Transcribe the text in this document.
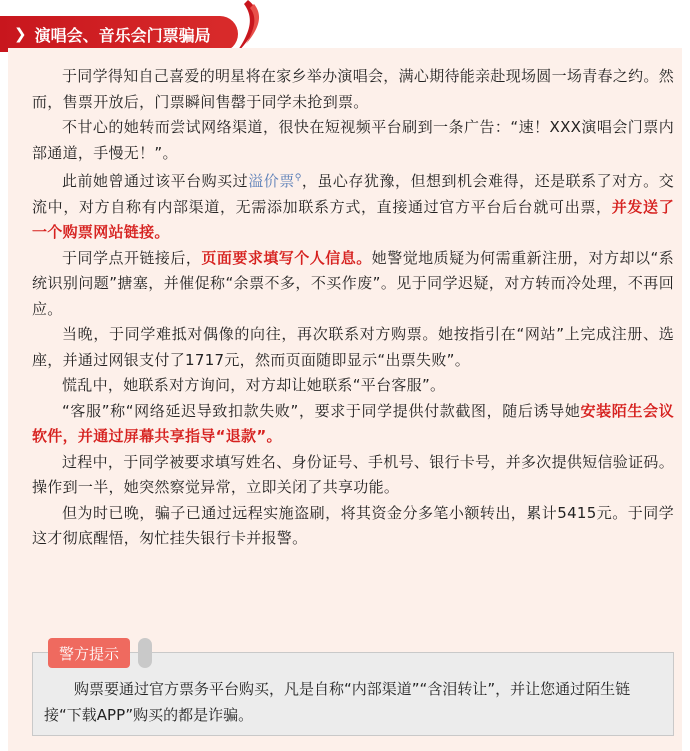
❯ 演唱会、音乐会门票骗局

于同学得知自己喜爱的明星将在家乡举办演唱会，满心期待能亲赴现场圆一场青春之约。然而，售票开放后，门票瞬间售罄于同学未抢到票。

不甘心的她转而尝试网络渠道，很快在短视频平台刷到一条广告：“速！XXX演唱会门票内部通道，手慢无！”。

此前她曾通过该平台购买过溢价票⚲，虽心存犹豫，但想到机会难得，还是联系了对方。交流中，对方自称有内部渠道，无需添加联系方式，直接通过官方平台后台就可出票，并发送了一个购票网站链接。

于同学点开链接后，页面要求填写个人信息。她警觉地质疑为何需重新注册，对方却以“系统识别问题”搪塞，并催促称“余票不多，不买作废”。见于同学迟疑，对方转而冷处理，不再回应。

当晚，于同学难抵对偶像的向往，再次联系对方购票。她按指引在“网站”上完成注册、选座，并通过网银支付了1717元，然而页面随即显示“出票失败”。

慌乱中，她联系对方询问，对方却让她联系“平台客服”。

“客服”称“网络延迟导致扣款失败”，要求于同学提供付款截图，随后诱导她安装陌生会议软件，并通过屏幕共享指导“退款”。

过程中，于同学被要求填写姓名、身份证号、手机号、银行卡号，并多次提供短信验证码。操作到一半，她突然察觉异常，立即关闭了共享功能。

但为时已晚，骗子已通过远程实施盗刷，将其资金分多笔小额转出，累计5415元。于同学这才彻底醒悟，匆忙挂失银行卡并报警。

警方提示

购票要通过官方票务平台购买，凡是自称“内部渠道”“含泪转让”，并让您通过陌生链接“下载APP”购买的都是诈骗。
